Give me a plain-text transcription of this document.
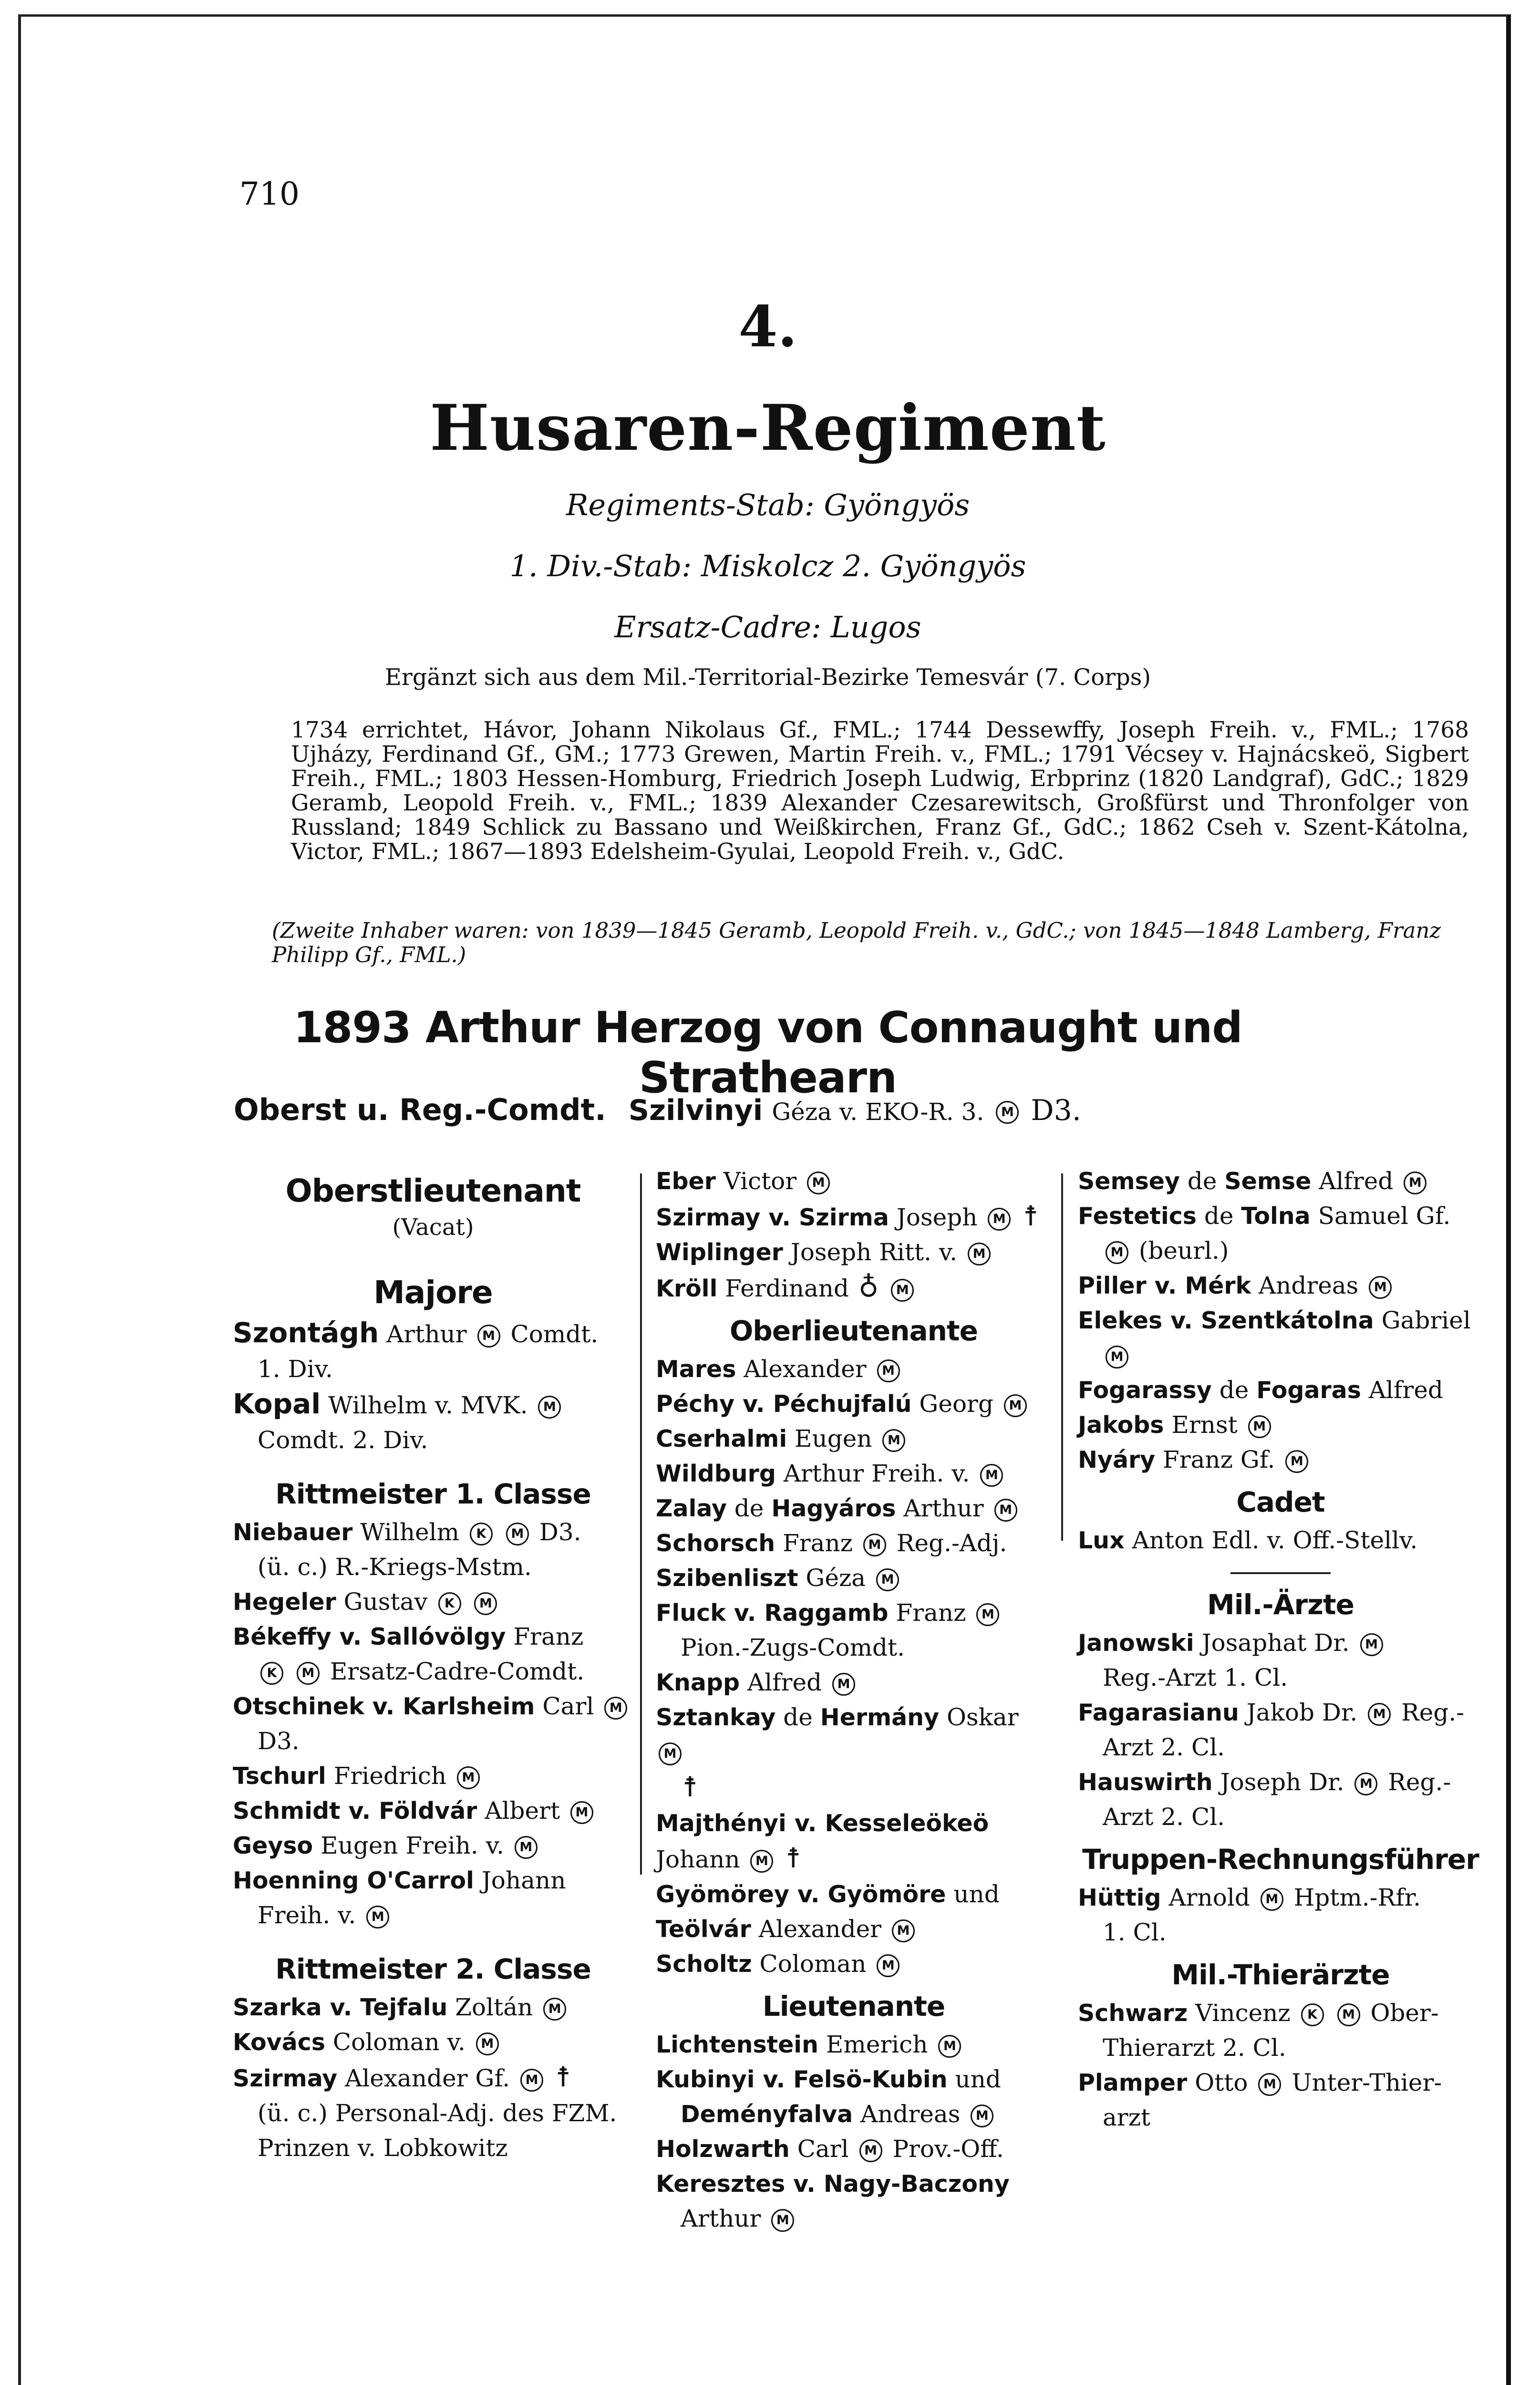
710
4.
Husaren-Regiment
Regiments-Stab: Gyöngyös
1. Div.-Stab: Miskolcz 2. Gyöngyös
Ersatz-Cadre: Lugos
Ergänzt sich aus dem Mil.-Territorial-Bezirke Temesvár (7. Corps)
1734 errichtet, Hávor, Johann Nikolaus Gf., FML.; 1744 Dessewffy, Joseph Freih. v., FML.; 1768 Ujházy, Ferdinand Gf., GM.; 1773 Grewen, Martin Freih. v., FML.; 1791 Vécsey v. Hajnácskeö, Sigbert Freih., FML.; 1803 Hessen-Homburg, Friedrich Joseph Ludwig, Erbprinz (1820 Landgraf), GdC.; 1829 Geramb, Leopold Freih. v., FML.; 1839 Alexander Czesarewitsch, Großfürst und Thronfolger von Russland; 1849 Schlick zu Bassano und Weißkirchen, Franz Gf., GdC.; 1862 Cseh v. Szent-Kátolna, Victor, FML.; 1867—1893 Edelsheim-Gyulai, Leopold Freih. v., GdC.
(Zweite Inhaber waren: von 1839—1845 Geramb, Leopold Freih. v., GdC.; von 1845—1848 Lamberg, Franz Philipp Gf., FML.)
1893 Arthur Herzog von Connaught und Strathearn
Oberst u. Reg.-Comdt. Szilvinyi Géza v. EKO-R. 3. M D3.
Oberstlieutenant
(Vacat)
Majore
Szontágh Arthur M Comdt.
1. Div.
Kopal Wilhelm v. MVK. M
Comdt. 2. Div.
Rittmeister 1. Classe
Niebauer Wilhelm K M D3.
(ü. c.) R.-Kriegs-Mstm.
Hegeler Gustav K M
Békeffy v. Sallóvölgy Franz
K M Ersatz-Cadre-Comdt.
Otschinek v. Karlsheim Carl M
D3.
Tschurl Friedrich M
Schmidt v. Földvár Albert M
Geyso Eugen Freih. v. M
Hoenning O'Carrol Johann
Freih. v. M
Rittmeister 2. Classe
Szarka v. Tejfalu Zoltán M
Kovács Coloman v. M
Szirmay Alexander Gf. M ☨
(ü. c.) Personal-Adj. des FZM.
Prinzen v. Lobkowitz
Eber Victor M
Szirmay v. Szirma Joseph M ☨
Wiplinger Joseph Ritt. v. M
Kröll Ferdinand ♁ M
Oberlieutenante
Mares Alexander M
Péchy v. Péchujfalú Georg M
Cserhalmi Eugen M
Wildburg Arthur Freih. v. M
Zalay de Hagyáros Arthur M
Schorsch Franz M Reg.-Adj.
Szibenliszt Géza M
Fluck v. Raggamb Franz M
Pion.-Zugs-Comdt.
Knapp Alfred M
Sztankay de Hermány Oskar M
☨
Majthényi v. Kesseleökeö Johann M ☨
Gyömörey v. Gyömöre und Teölvár Alexander M
Scholtz Coloman M
Lieutenante
Lichtenstein Emerich M
Kubinyi v. Felsö-Kubin und
Deményfalva Andreas M
Holzwarth Carl M Prov.-Off.
Keresztes v. Nagy-Baczony
Arthur M
Semsey de Semse Alfred M
Festetics de Tolna Samuel Gf.
M (beurl.)
Piller v. Mérk Andreas M
Elekes v. Szentkátolna Gabriel
M
Fogarassy de Fogaras Alfred
Jakobs Ernst M
Nyáry Franz Gf. M
Cadet
Lux Anton Edl. v. Off.-Stellv.
Mil.-Ärzte
Janowski Josaphat Dr. M
Reg.-Arzt 1. Cl.
Fagarasianu Jakob Dr. M Reg.-
Arzt 2. Cl.
Hauswirth Joseph Dr. M Reg.-
Arzt 2. Cl.
Truppen-Rechnungsführer
Hüttig Arnold M Hptm.-Rfr.
1. Cl.
Mil.-Thierärzte
Schwarz Vincenz K M Ober-
Thierarzt 2. Cl.
Plamper Otto M Unter-Thier-
arzt
